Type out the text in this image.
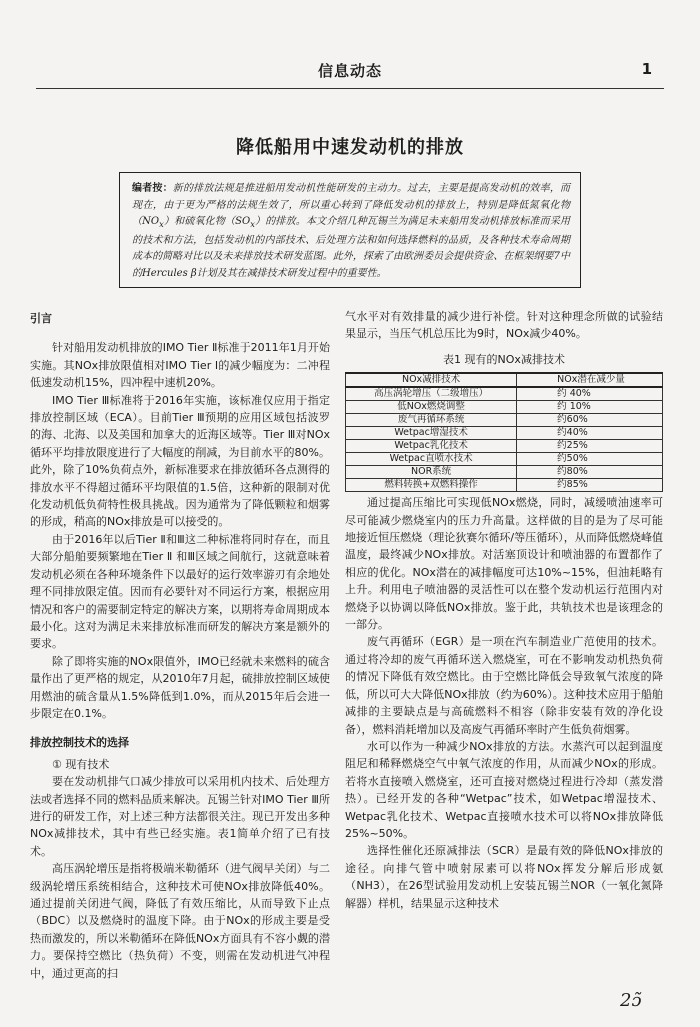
信息动态	1
降低船用中速发动机的排放
编者按：新的排放法规是推进船用发动机性能研发的主动力。过去，主要是提高发动机的效率，而现在，由于更为严格的法规生效了，所以重心转到了降低发动机的排放上，特别是降低氮氧化物$(NO_x)$和硫氧化物$(SO_x)$的排放。本文介绍几种瓦锡兰为满足未来船用发动机排放标准而采用的技术和方法，包括发动机的内部技术、后处理方法和如何选择燃料的品质，及各种技术寿命周期成本的简略对比以及未来排放技术研发蓝图。此外，探索了由欧洲委员会提供资金、在框架纲要7中的Hercules β计划及其在减排技术研发过程中的重要性。

引言

针对船用发动机排放的IMO Tier Ⅱ标准于2011年1月开始实施。其NOx排放限值相对IMO Tier Ⅰ的减少幅度为：二冲程低速发动机15%，四冲程中速机20%。

IMO Tier Ⅲ标准将于2016年实施，该标准仅应用于指定排放控制区域（ECA）。目前Tier Ⅲ预期的应用区域包括波罗的海、北海、以及美国和加拿大的近海区域等。Tier Ⅲ对NOx循环平均排放限度进行了大幅度的削减，为目前水平的80%。此外，除了10%负荷点外，新标准要求在排放循环各点测得的排放水平不得超过循环平均限值的1.5倍，这种新的限制对优化发动机低负荷特性极具挑战。因为通常为了降低颗粒和烟雾的形成，稍高的NOx排放是可以接受的。

由于2016年以后Tier Ⅱ和Ⅲ这二种标准将同时存在，而且大部分船舶要频繁地在Tier Ⅱ 和Ⅲ区域之间航行，这就意味着发动机必须在各种环境条件下以最好的运行效率游刃有余地处理不同排放限定值。因而有必要针对不同运行方案，根据应用情况和客户的需要制定特定的解决方案，以期将寿命周期成本最小化。这对为满足未来排放标准而研发的解决方案是额外的要求。

除了即将实施的NOx限值外，IMO已经就未来燃料的硫含量作出了更严格的规定，从2010年7月起，硫排放控制区域使用燃油的硫含量从1.5%降低到1.0%，而从2015年后会进一步限定在0.1%。

排放控制技术的选择

① 现有技术

要在发动机排气口减少排放可以采用机内技术、后处理方法或者选择不同的燃料品质来解决。瓦锡兰针对IMO Tier Ⅲ所进行的研发工作，对上述三种方法都很关注。现已开发出多种NOx减排技术，其中有些已经实施。表1简单介绍了已有技术。

高压涡轮增压是指将极端米勒循环（进气阀早关闭）与二级涡轮增压系统相结合，这种技术可使NOx排放降低40%。通过提前关闭进气阀，降低了有效压缩比，从而导致下止点（BDC）以及燃烧时的温度下降。由于NOx的形成主要是受热而激发的，所以米勒循环在降低NOx方面具有不容小觑的潜力。要保持空燃比（热负荷）不变，则需在发动机进气冲程中，通过更高的扫

气水平对有效排量的减少进行补偿。针对这种理念所做的试验结果显示，当压气机总压比为9时，NOx减少40%。

表1 现有的NOx减排技术
NOx减排技术	NOx潜在减少量
高压涡轮增压（二级增压）	约 40%
低NOx燃烧调整	约 10%
废气再循环系统	约60%
Wetpac增湿技术	约40%
Wetpac乳化技术	约25%
Wetpac直喷水技术	约50%
NOR系统	约80%
燃料转换+双燃料操作	约85%

通过提高压缩比可实现低NOx燃烧，同时，减缓喷油速率可尽可能减少燃烧室内的压力升高量。这样做的目的是为了尽可能地接近恒压燃烧（理论狄赛尔循环/等压循环），从而降低燃烧峰值温度，最终减少NOx排放。对活塞顶设计和喷油器的布置都作了相应的优化。NOx潜在的减排幅度可达10%~15%，但油耗略有上升。利用电子喷油器的灵活性可以在整个发动机运行范围内对燃烧予以协调以降低NOx排放。鉴于此，共轨技术也是该理念的一部分。

废气再循环（EGR）是一项在汽车制造业广范使用的技术。通过将冷却的废气再循环送入燃烧室，可在不影响发动机热负荷的情况下降低有效空燃比。由于空燃比降低会导致氧气浓度的降低，所以可大大降低NOx排放（约为60%）。这种技术应用于船舶减排的主要缺点是与高硫燃料不相容（除非安装有效的净化设备），燃料消耗增加以及高废气再循环率时产生低负荷烟雾。

水可以作为一种减少NOx排放的方法。水蒸汽可以起到温度阻尼和稀释燃烧空气中氧气浓度的作用，从而减少NOx的形成。若将水直接喷入燃烧室，还可直接对燃烧过程进行冷却（蒸发潜热）。已经开发的各种“Wetpac”技术，如Wetpac增湿技术、Wetpac乳化技术、Wetpac直接喷水技术可以将NOx排放降低25%~50%。

选择性催化还原减排法（SCR）是最有效的降低NOx排放的途径。向排气管中喷射尿素可以将NOx挥发分解后形成氨（NH3），在26型试验用发动机上安装瓦锡兰NOR（一氧化氮降解器）样机，结果显示这种技术

2ɔ̃
